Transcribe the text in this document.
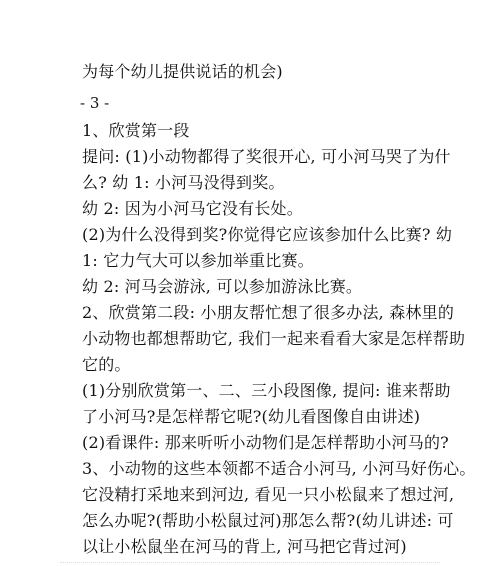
为每个幼儿提供说话的机会)
- 3 -
1、欣赏第一段
提问: (1)小动物都得了奖很开心, 可小河马哭了为什
么? 幼 1: 小河马没得到奖。
幼 2: 因为小河马它没有长处。
(2)为什么没得到奖?你觉得它应该参加什么比赛? 幼
1: 它力气大可以参加举重比赛。
幼 2: 河马会游泳, 可以参加游泳比赛。
2、欣赏第二段: 小朋友帮忙想了很多办法, 森林里的
小动物也都想帮助它, 我们一起来看看大家是怎样帮助
它的。
(1)分别欣赏第一、二、三小段图像, 提问: 谁来帮助
了小河马?是怎样帮它呢?(幼儿看图像自由讲述)
(2)看课件: 那来听听小动物们是怎样帮助小河马的?
3、小动物的这些本领都不适合小河马, 小河马好伤心。
它没精打采地来到河边, 看见一只小松鼠来了想过河,
怎么办呢?(帮助小松鼠过河)那怎么帮?(幼儿讲述: 可
以让小松鼠坐在河马的背上, 河马把它背过河)
